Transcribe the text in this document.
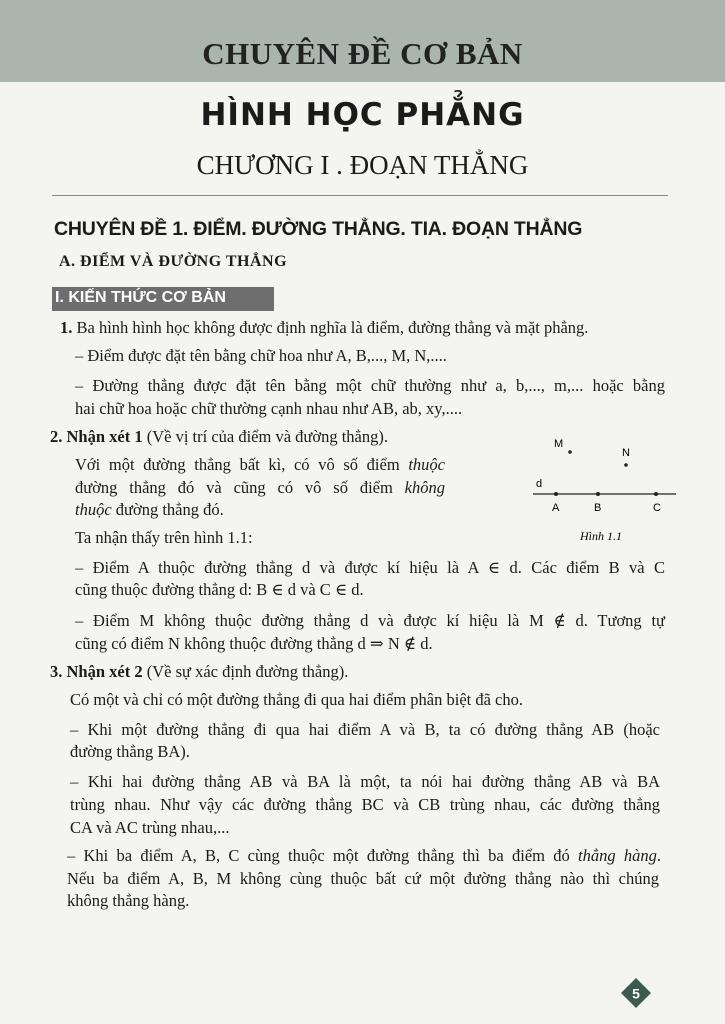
CHUYÊN ĐỀ CƠ BẢN
HÌNH HỌC PHẲNG
CHƯƠNG I . ĐOẠN THẲNG
CHUYÊN ĐỀ 1. ĐIỂM. ĐƯỜNG THẲNG. TIA. ĐOẠN THẲNG
A. ĐIỂM VÀ ĐƯỜNG THẲNG
I. KIẾN THỨC CƠ BẢN
1. Ba hình hình học không được định nghĩa là điểm, đường thẳng và mặt phẳng.
– Điểm được đặt tên bằng chữ hoa như A, B,..., M, N,....
– Đường thẳng được đặt tên bằng một chữ thường như a, b,..., m,... hoặc bằng
hai chữ hoa hoặc chữ thường cạnh nhau như AB, ab, xy,....
2. Nhận xét 1 (Về vị trí của điểm và đường thẳng).
Với một đường thẳng bất kì, có vô số điểm thuộc
đường thẳng đó và cũng có vô số điểm không
thuộc đường thẳng đó.
Ta nhận thấy trên hình 1.1:
M
N
d
A	B	C
Hình 1.1
– Điểm A thuộc đường thẳng d và được kí hiệu là A ∈ d. Các điểm B và C
cũng thuộc đường thẳng d: B ∈ d và C ∈ d.
– Điểm M không thuộc đường thẳng d và được kí hiệu là M ∉ d. Tương tự
cũng có điểm N không thuộc đường thẳng d ⇒ N ∉ d.
3. Nhận xét 2 (Về sự xác định đường thẳng).
Có một và chỉ có một đường thẳng đi qua hai điểm phân biệt đã cho.
– Khi một đường thẳng đi qua hai điểm A và B, ta có đường thẳng AB (hoặc
đường thẳng BA).
– Khi hai đường thẳng AB và BA là một, ta nói hai đường thẳng AB và BA
trùng nhau. Như vậy các đường thẳng BC và CB trùng nhau, các đường thẳng
CA và AC trùng nhau,...
– Khi ba điểm A, B, C cùng thuộc một đường thẳng thì ba điểm đó thẳng hàng.
Nếu ba điểm A, B, M không cùng thuộc bất cứ một đường thẳng nào thì chúng
không thẳng hàng.
5
